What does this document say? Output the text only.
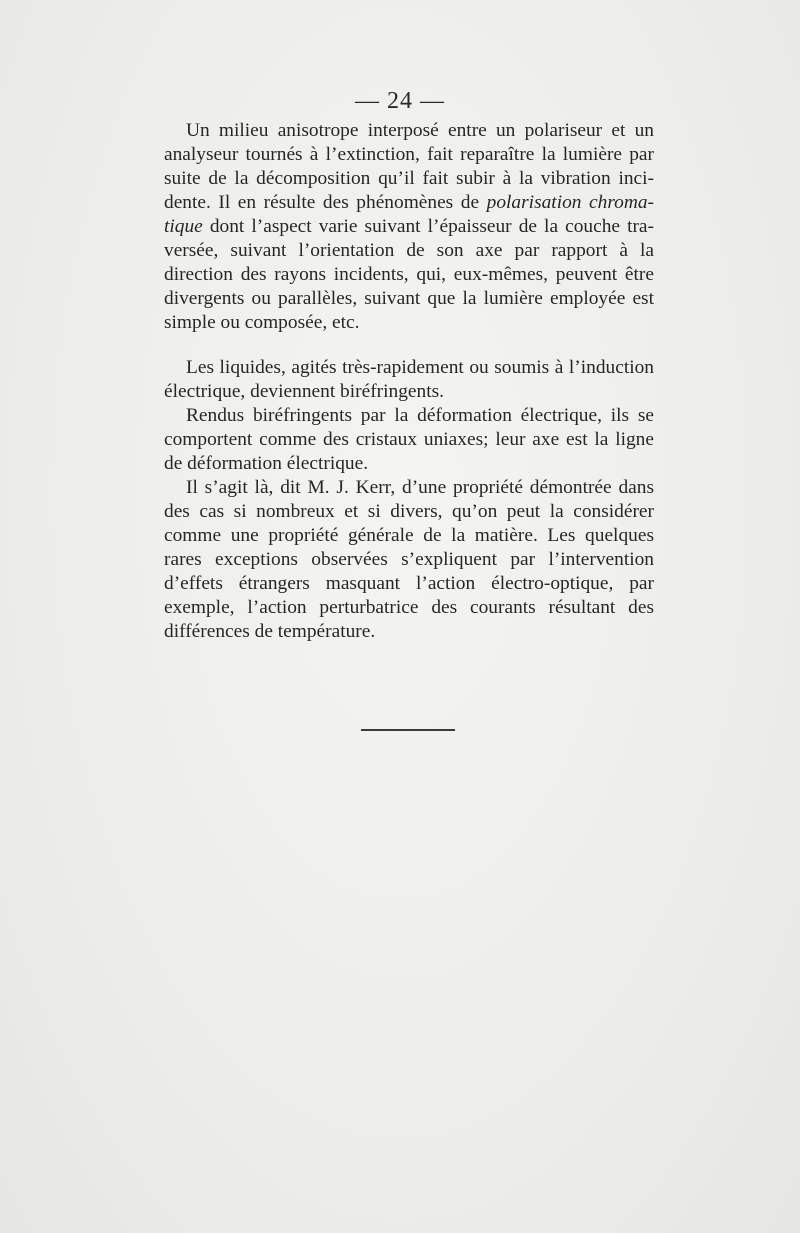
— 24 —
Un milieu anisotrope interposé entre un polariseur et un
analyseur tournés à l’extinction, fait reparaître la lumière par
suite de la décomposition qu’il fait subir à la vibration inci-
dente. Il en résulte des phénomènes de polarisation chroma-
tique dont l’aspect varie suivant l’épaisseur de la couche tra-
versée, suivant l’orientation de son axe par rapport à la
direction des rayons incidents, qui, eux-mêmes, peuvent être
divergents ou parallèles, suivant que la lumière employée est
simple ou composée, etc.
Les liquides, agités très-rapidement ou soumis à l’induction
électrique, deviennent biréfringents.
Rendus biréfringents par la déformation électrique, ils se
comportent comme des cristaux uniaxes; leur axe est la ligne
de déformation électrique.
Il s’agit là, dit M. J. Kerr, d’une propriété démontrée dans
des cas si nombreux et si divers, qu’on peut la considérer
comme une propriété générale de la matière. Les quelques
rares exceptions observées s’expliquent par l’intervention
d’effets étrangers masquant l’action électro-optique, par
exemple, l’action perturbatrice des courants résultant des
différences de température.
